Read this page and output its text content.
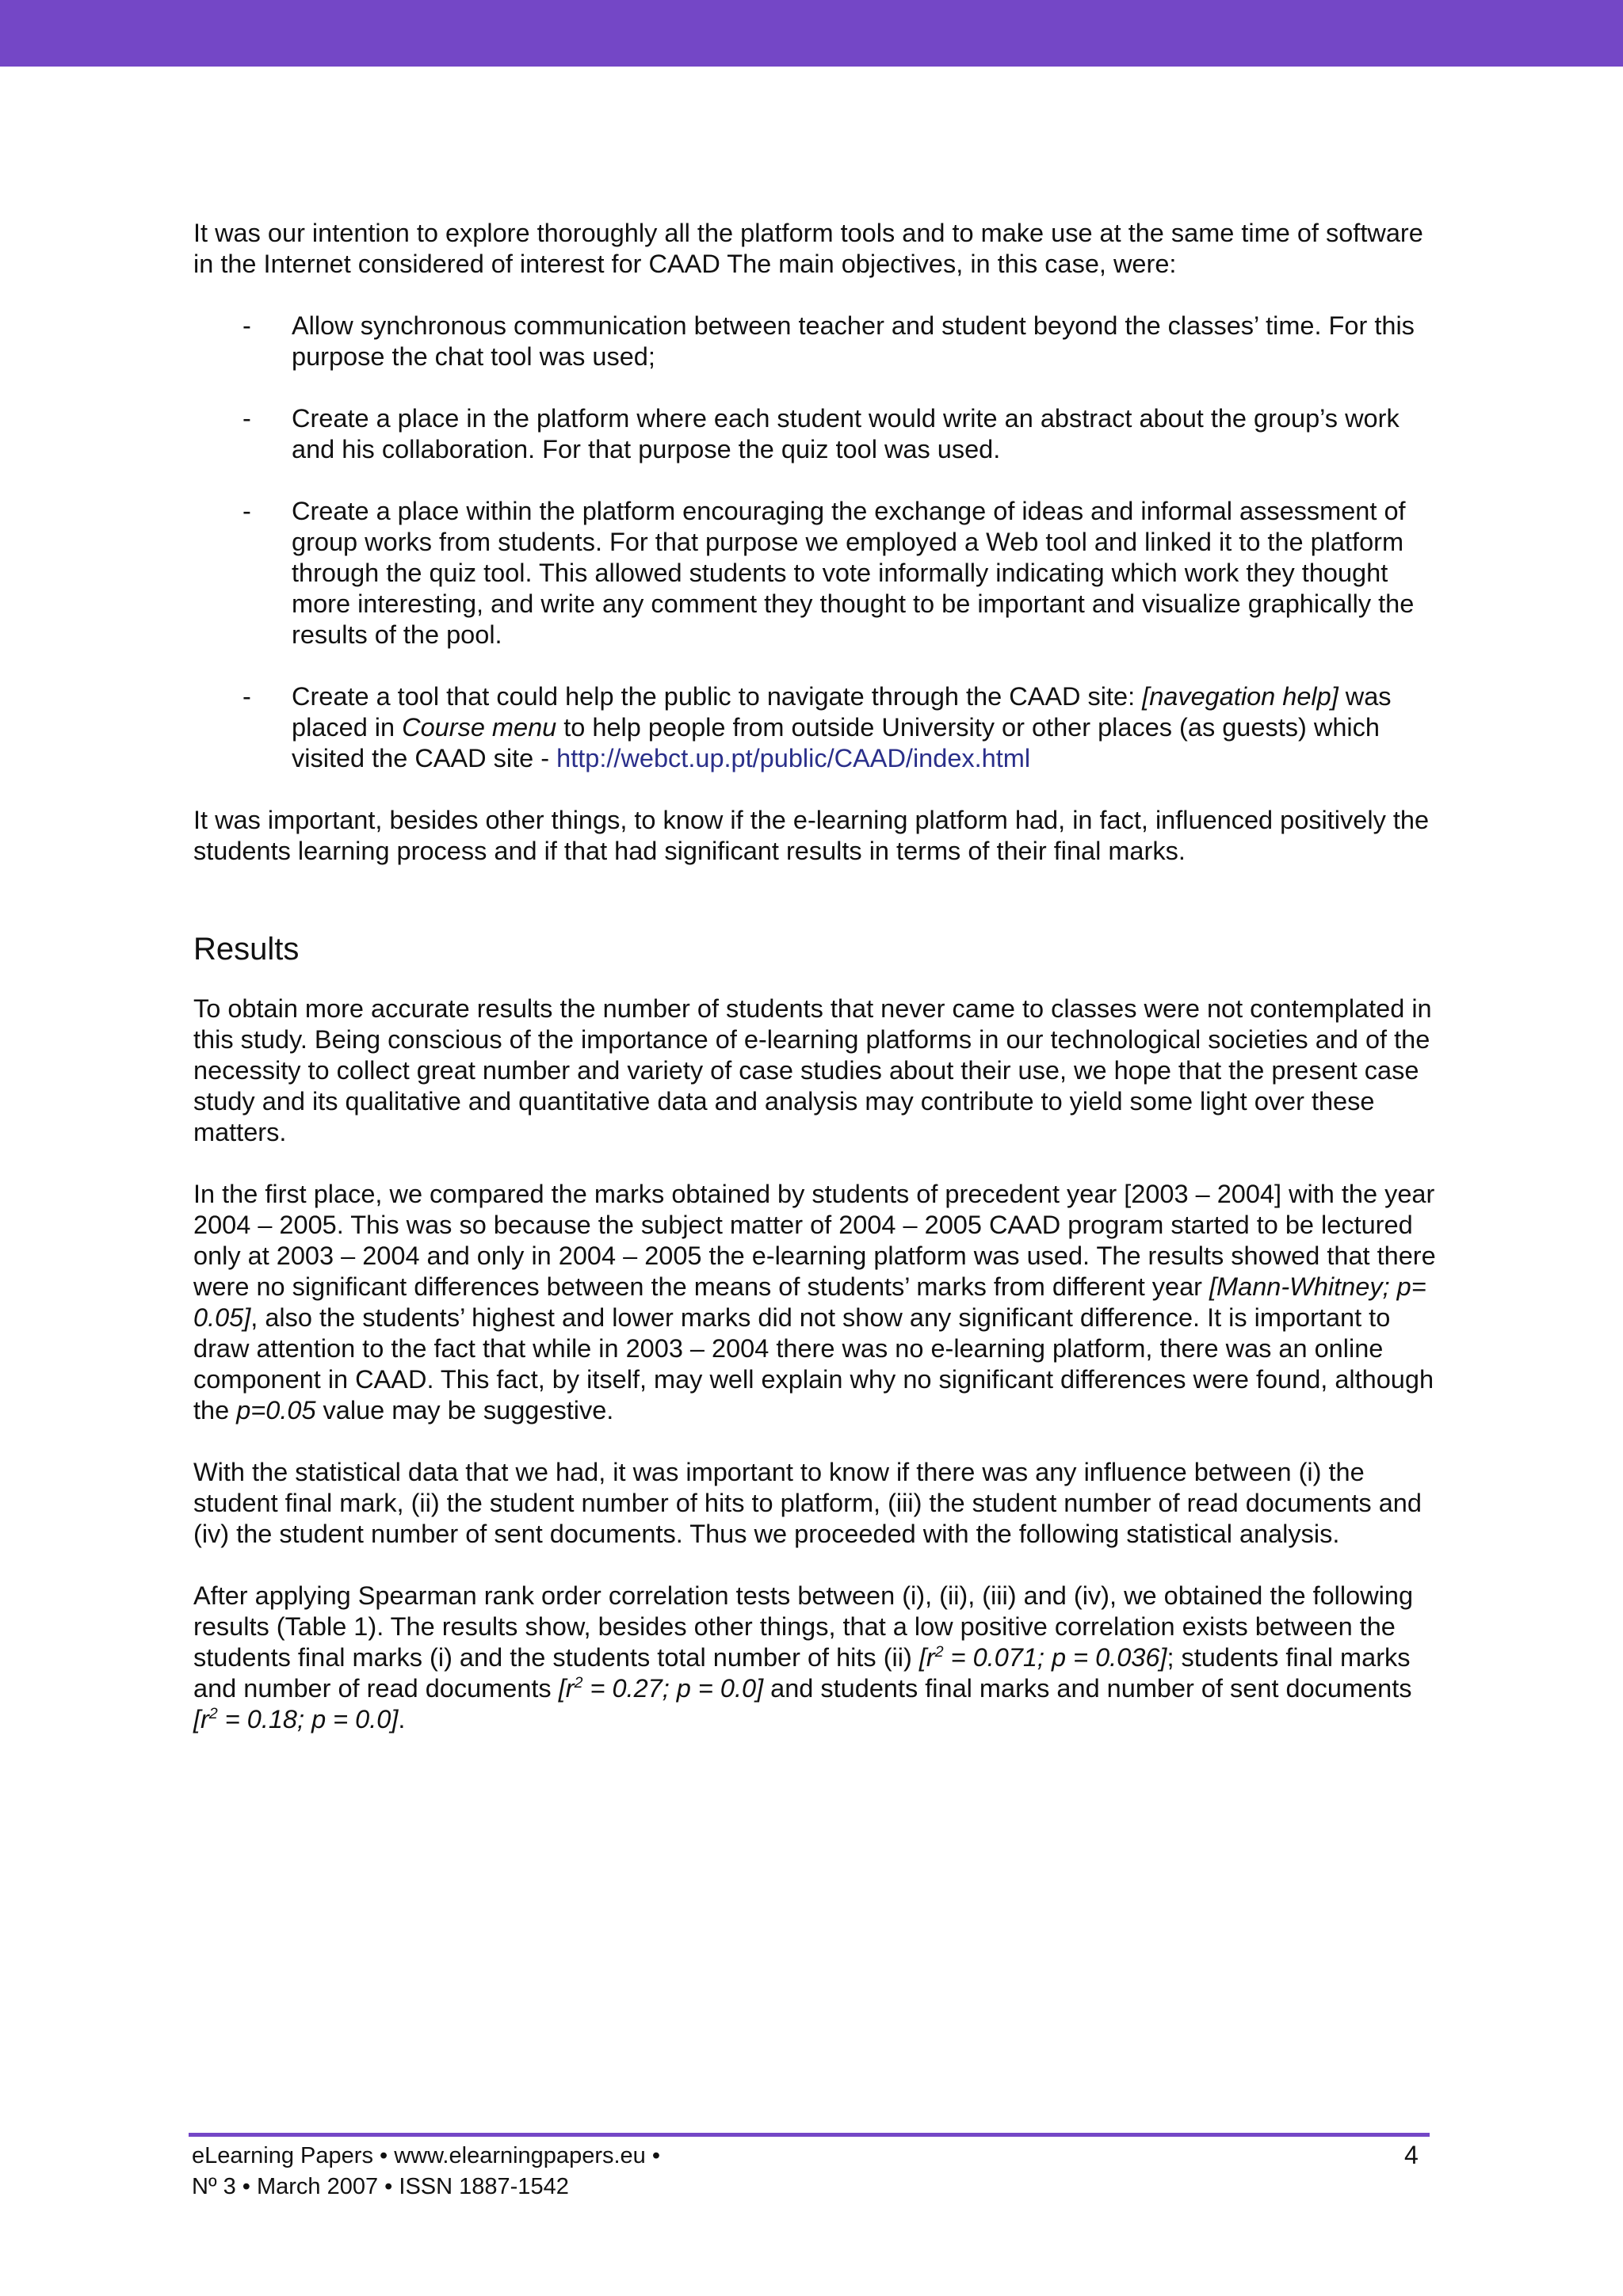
It was our intention to explore thoroughly all the platform tools and to make use at the same time of software in the Internet considered of interest for CAAD The main objectives, in this case, were:

- Allow synchronous communication between teacher and student beyond the classes’ time. For this purpose the chat tool was used;
- Create a place in the platform where each student would write an abstract about the group’s work and his collaboration. For that purpose the quiz tool was used.
- Create a place within the platform encouraging the exchange of ideas and informal assessment of group works from students. For that purpose we employed a Web tool and linked it to the platform through the quiz tool. This allowed students to vote informally indicating which work they thought more interesting, and write any comment they thought to be important and visualize graphically the results of the pool.
- Create a tool that could help the public to navigate through the CAAD site: [navegation help] was placed in Course menu to help people from outside University or other places (as guests) which visited the CAAD site - http://webct.up.pt/public/CAAD/index.html

It was important, besides other things, to know if the e-learning platform had, in fact, influenced positively the students learning process and if that had significant results in terms of their final marks.

Results

To obtain more accurate results the number of students that never came to classes were not contemplated in this study. Being conscious of the importance of e-learning platforms in our technological societies and of the necessity to collect great number and variety of case studies about their use, we hope that the present case study and its qualitative and quantitative data and analysis may contribute to yield some light over these matters.

In the first place, we compared the marks obtained by students of precedent year [2003 – 2004] with the year 2004 – 2005. This was so because the subject matter of 2004 – 2005 CAAD program started to be lectured only at 2003 – 2004 and only in 2004 – 2005 the e-learning platform was used. The results showed that there were no significant differences between the means of students’ marks from different year [Mann-Whitney; p= 0.05], also the students’ highest and lower marks did not show any significant difference. It is important to draw attention to the fact that while in 2003 – 2004 there was no e-learning platform, there was an online component in CAAD. This fact, by itself, may well explain why no significant differences were found, although the p=0.05 value may be suggestive.

With the statistical data that we had, it was important to know if there was any influence between (i) the student final mark, (ii) the student number of hits to platform, (iii) the student number of read documents and (iv) the student number of sent documents. Thus we proceeded with the following statistical analysis.

After applying Spearman rank order correlation tests between (i), (ii), (iii) and (iv), we obtained the following results (Table 1). The results show, besides other things, that a low positive correlation exists between the students final marks (i) and the students total number of hits (ii) [$r^2 = 0.071$; p = 0.036]; students final marks and number of read documents [$r^2 = 0.27$; p = 0.0] and students final marks and number of sent documents [$r^2 = 0.18$; p = 0.0].

eLearning Papers • www.elearningpapers.eu •
Nº 3 • March 2007 • ISSN 1887-1542
4
